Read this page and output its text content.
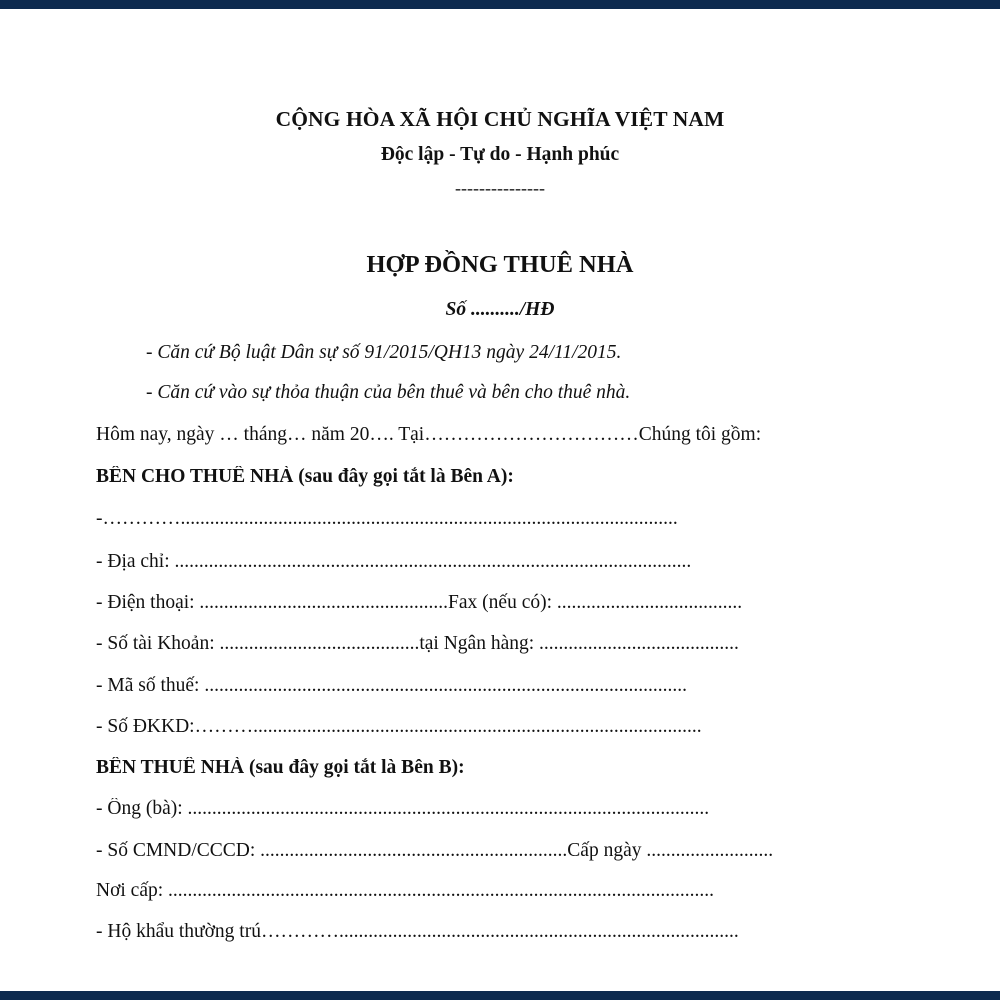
CỘNG HÒA XÃ HỘI CHỦ NGHĨA VIỆT NAM

Độc lập - Tự do - Hạnh phúc

---------------

HỢP ĐỒNG THUÊ NHÀ

Số ........../HĐ

- Căn cứ Bộ luật Dân sự số 91/2015/QH13 ngày 24/11/2015.

- Căn cứ vào sự thỏa thuận của bên thuê và bên cho thuê nhà.

Hôm nay, ngày … tháng… năm 20…. Tại……………………………Chúng tôi gồm:

BÊN CHO THUÊ NHÀ (sau đây gọi tắt là Bên A):

-…………......................................................................................................

- Địa chỉ: ..........................................................................................................

- Điện thoại: ...................................................Fax (nếu có): ......................................

- Số tài Khoản: .........................................tại Ngân hàng: .........................................

- Mã số thuế: ...................................................................................................

- Số ĐKKD:………............................................................................................

BÊN THUÊ NHÀ (sau đây gọi tắt là Bên B):

- Ông (bà): ...........................................................................................................

- Số CMND/CCCD: ...............................................................Cấp ngày ..........................

Nơi cấp: ................................................................................................................

- Hộ khẩu thường trú…………..................................................................................
